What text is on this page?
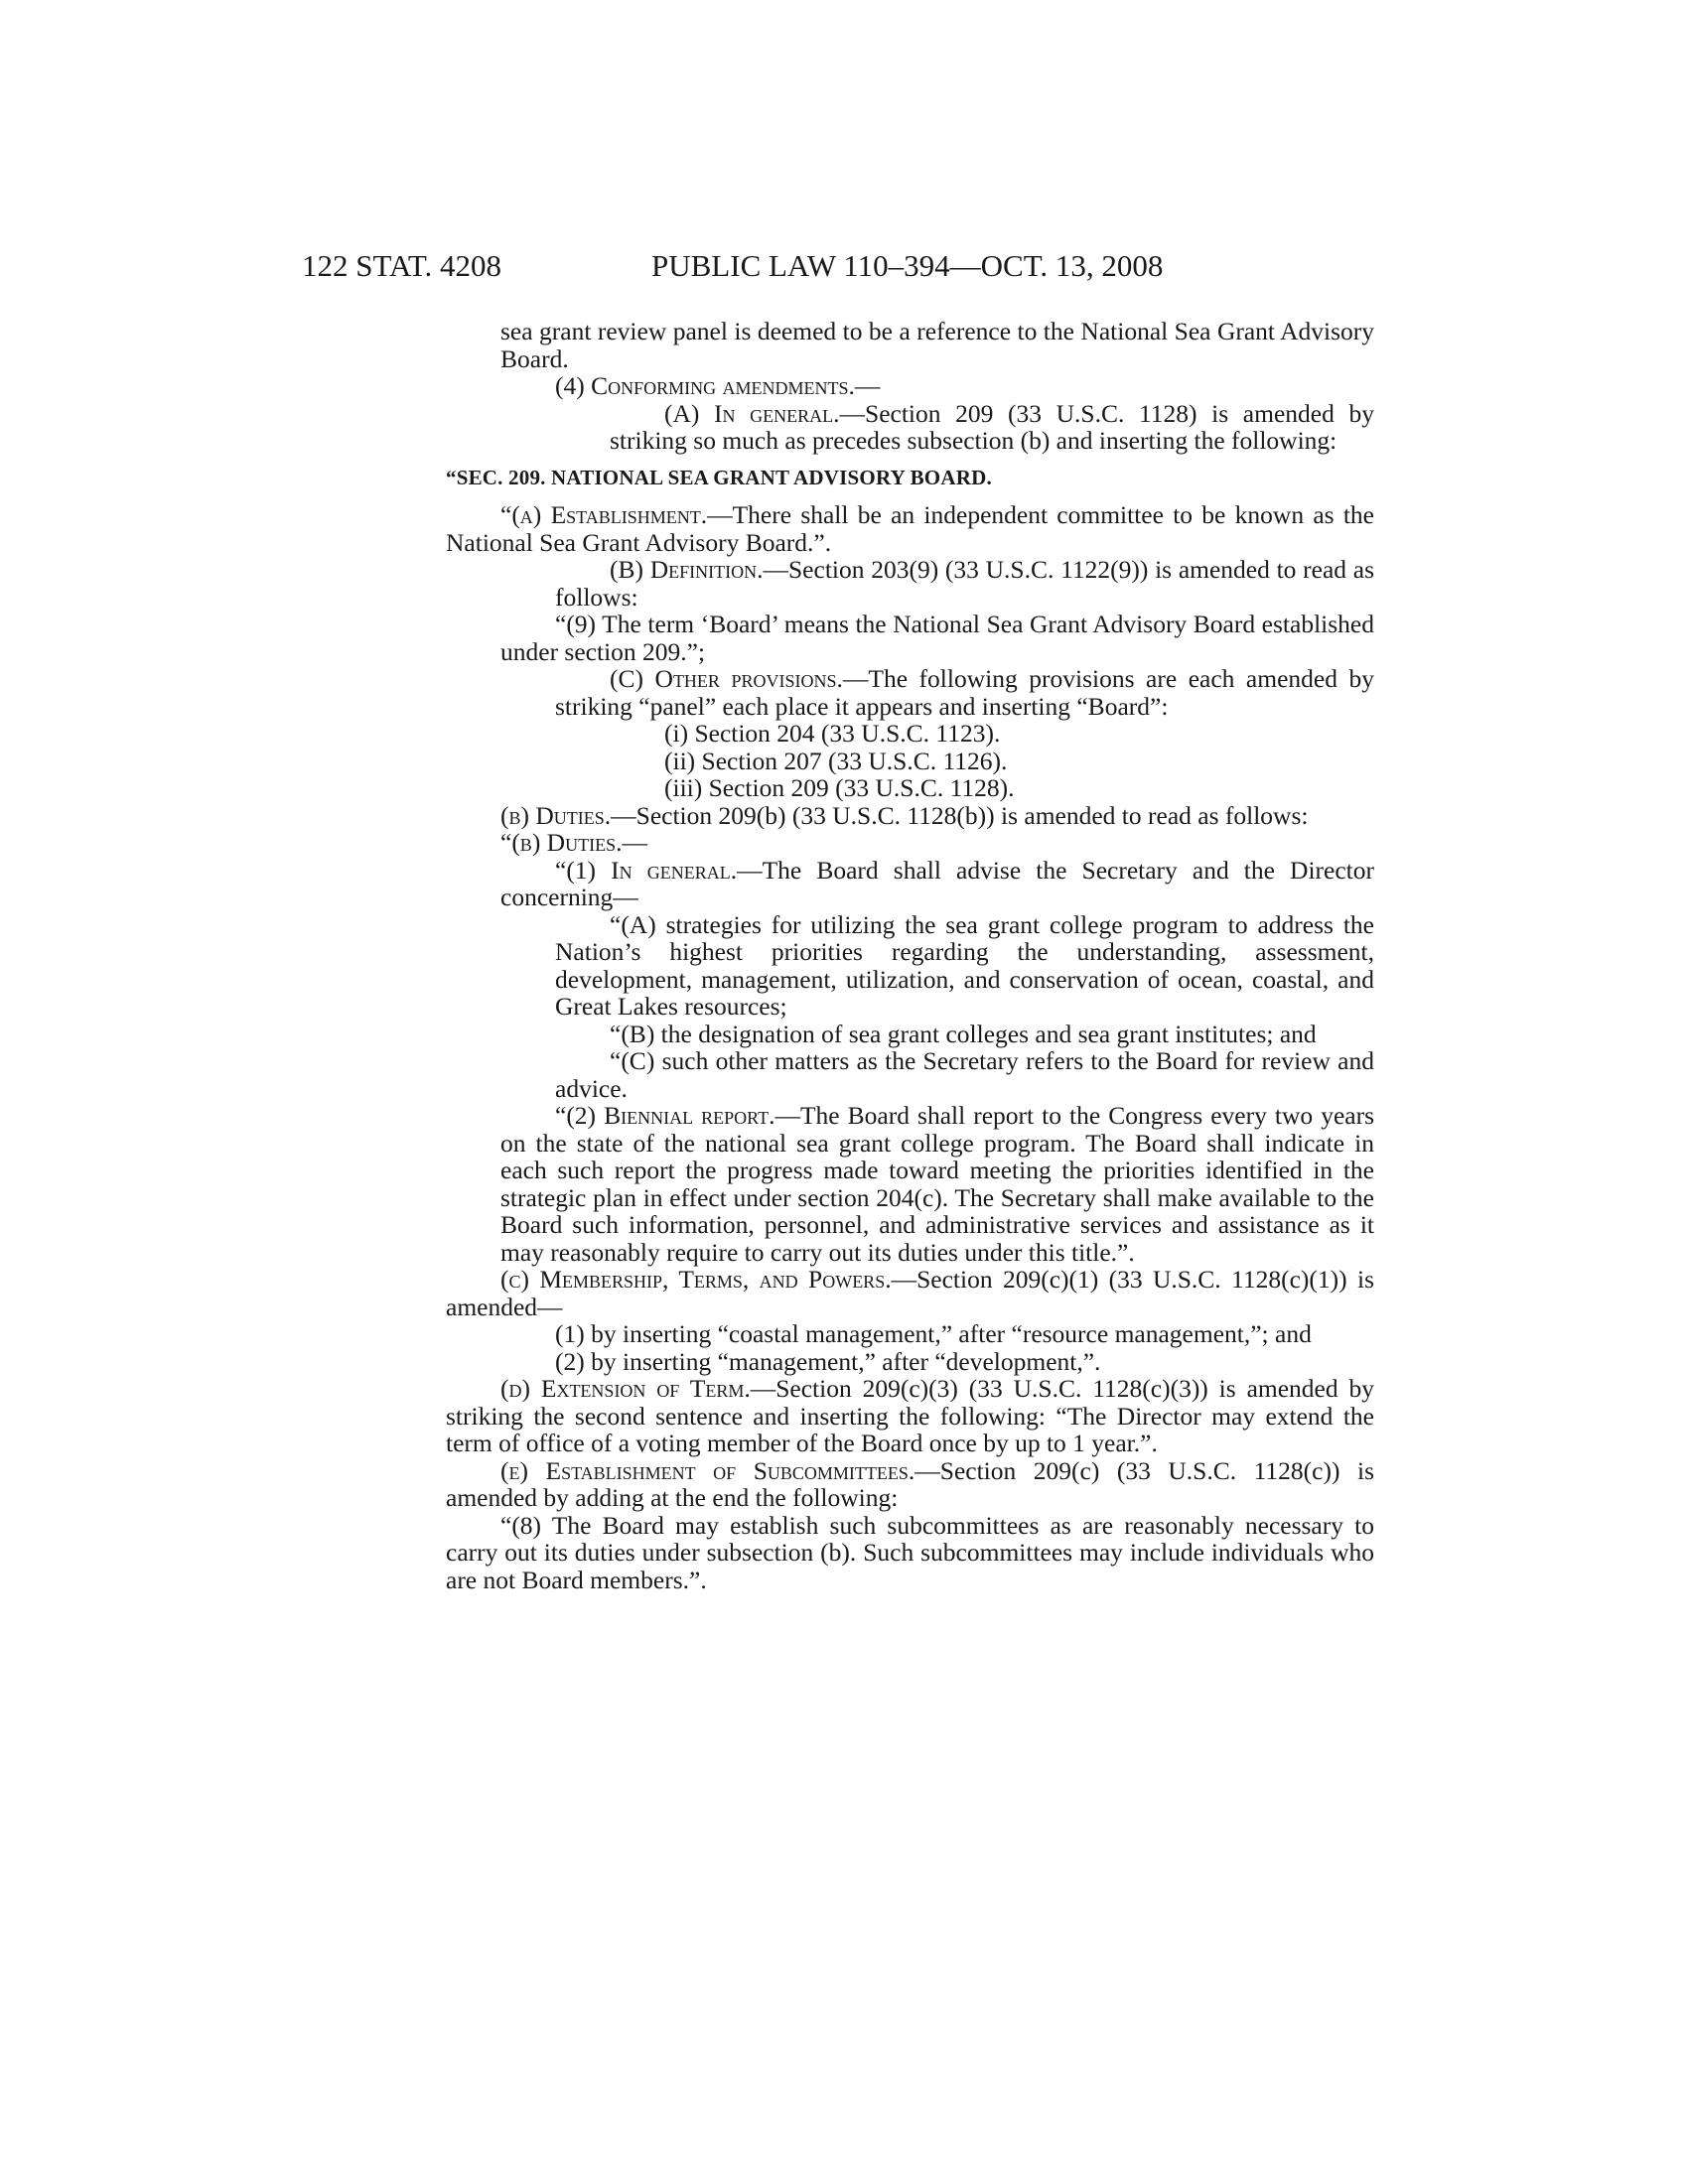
122 STAT. 4208	PUBLIC LAW 110–394—OCT. 13, 2008

sea grant review panel is deemed to be a reference to the National Sea Grant Advisory Board.

(4) Conforming amendments.—

(A) In general.—Section 209 (33 U.S.C. 1128) is amended by striking so much as precedes subsection (b) and inserting the following:

“SEC. 209. NATIONAL SEA GRANT ADVISORY BOARD.

“(a) Establishment.—There shall be an independent committee to be known as the National Sea Grant Advisory Board.”.

(B) Definition.—Section 203(9) (33 U.S.C. 1122(9)) is amended to read as follows:

“(9) The term ‘Board’ means the National Sea Grant Advisory Board established under section 209.”;

(C) Other provisions.—The following provisions are each amended by striking “panel” each place it appears and inserting “Board”:

(i) Section 204 (33 U.S.C. 1123).

(ii) Section 207 (33 U.S.C. 1126).

(iii) Section 209 (33 U.S.C. 1128).

(b) Duties.—Section 209(b) (33 U.S.C. 1128(b)) is amended to read as follows:

“(b) Duties.—

“(1) In general.—The Board shall advise the Secretary and the Director concerning—

“(A) strategies for utilizing the sea grant college program to address the Nation’s highest priorities regarding the understanding, assessment, development, management, utilization, and conservation of ocean, coastal, and Great Lakes resources;

“(B) the designation of sea grant colleges and sea grant institutes; and

“(C) such other matters as the Secretary refers to the Board for review and advice.

“(2) Biennial report.—The Board shall report to the Congress every two years on the state of the national sea grant college program. The Board shall indicate in each such report the progress made toward meeting the priorities identified in the strategic plan in effect under section 204(c). The Secretary shall make available to the Board such information, personnel, and administrative services and assistance as it may reasonably require to carry out its duties under this title.”.

(c) Membership, Terms, and Powers.—Section 209(c)(1) (33 U.S.C. 1128(c)(1)) is amended—

(1) by inserting “coastal management,” after “resource management,”; and

(2) by inserting “management,” after “development,”.

(d) Extension of Term.—Section 209(c)(3) (33 U.S.C. 1128(c)(3)) is amended by striking the second sentence and inserting the following: “The Director may extend the term of office of a voting member of the Board once by up to 1 year.”.

(e) Establishment of Subcommittees.—Section 209(c) (33 U.S.C. 1128(c)) is amended by adding at the end the following:

“(8) The Board may establish such subcommittees as are reasonably necessary to carry out its duties under subsection (b). Such subcommittees may include individuals who are not Board members.”.
